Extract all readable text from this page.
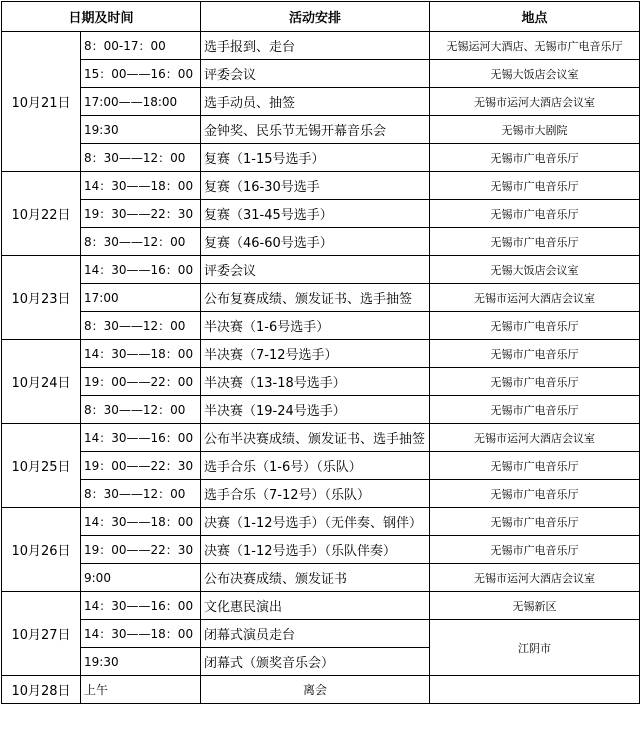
日期及时间		活动安排	地点
10月21日	8：00-17：00	选手报到、走台	无锡运河大酒店、无锡市广电音乐厅
	15：00——16：00	评委会议	无锡大饭店会议室
	17:00——18:00	选手动员、抽签	无锡市运河大酒店会议室
	19:30	金钟奖、民乐节无锡开幕音乐会	无锡市大剧院
	8：30——12：00	复赛（1-15号选手）	无锡市广电音乐厅
10月22日	14：30——18：00	复赛（16-30号选手	无锡市广电音乐厅
	19：30——22：30	复赛（31-45号选手）	无锡市广电音乐厅
	8：30——12：00	复赛（46-60号选手）	无锡市广电音乐厅
10月23日	14：30——16：00	评委会议	无锡大饭店会议室
	17:00	公布复赛成绩、颁发证书、选手抽签	无锡市运河大酒店会议室
	8：30——12：00	半决赛（1-6号选手）	无锡市广电音乐厅
10月24日	14：30——18：00	半决赛（7-12号选手）	无锡市广电音乐厅
	19：00——22：00	半决赛（13-18号选手）	无锡市广电音乐厅
	8：30——12：00	半决赛（19-24号选手）	无锡市广电音乐厅
10月25日	14：30——16：00	公布半决赛成绩、颁发证书、选手抽签	无锡市运河大酒店会议室
	19：00——22：30	选手合乐（1-6号）（乐队）	无锡市广电音乐厅
	8：30——12：00	选手合乐（7-12号）（乐队）	无锡市广电音乐厅
10月26日	14：30——18：00	决赛（1-12号选手）（无伴奏、钢伴）	无锡市广电音乐厅
	19：00——22：30	决赛（1-12号选手）（乐队伴奏）	无锡市广电音乐厅
	9:00	公布决赛成绩、颁发证书	无锡市运河大酒店会议室
10月27日	14：30——16：00	文化惠民演出	无锡新区
	14：30——18：00	闭幕式演员走台	江阴市
	19:30	闭幕式（颁奖音乐会）	
10月28日	上午	离会	
